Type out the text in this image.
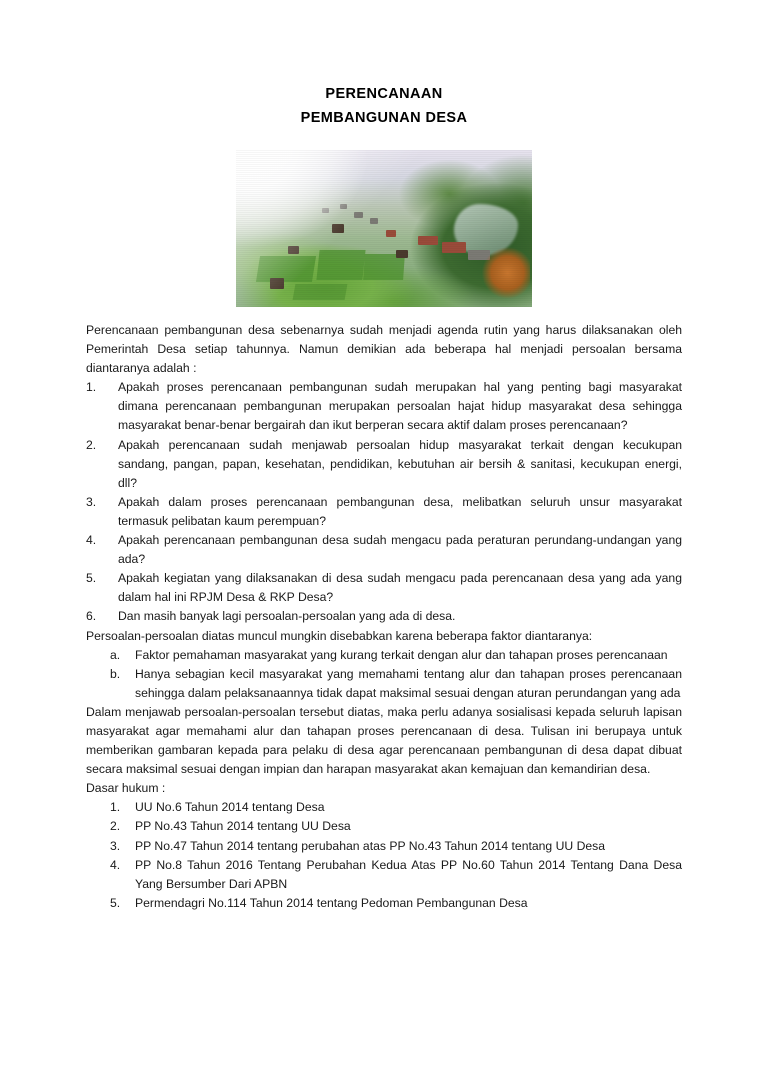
PERENCANAAN
PEMBANGUNAN DESA

Perencanaan pembangunan desa sebenarnya sudah menjadi agenda rutin yang harus dilaksanakan oleh Pemerintah Desa setiap tahunnya. Namun demikian ada beberapa hal menjadi persoalan bersama diantaranya adalah :

1.	Apakah proses perencanaan pembangunan sudah merupakan hal yang penting bagi masyarakat dimana perencanaan pembangunan merupakan persoalan hajat hidup masyarakat desa sehingga masyarakat benar-benar bergairah dan ikut berperan secara aktif dalam proses perencanaan?
2.	Apakah perencanaan sudah menjawab persoalan hidup masyarakat terkait dengan kecukupan sandang, pangan, papan, kesehatan, pendidikan, kebutuhan air bersih & sanitasi, kecukupan energi, dll?
3.	Apakah dalam proses perencanaan pembangunan desa, melibatkan seluruh unsur masyarakat termasuk pelibatan kaum perempuan?
4.	Apakah perencanaan pembangunan desa sudah mengacu pada peraturan perundang-undangan yang ada?
5.	Apakah kegiatan yang dilaksanakan di desa sudah mengacu pada perencanaan desa yang ada yang dalam hal ini RPJM Desa & RKP Desa?
6.	Dan masih banyak lagi persoalan-persoalan yang ada di desa.

Persoalan-persoalan diatas muncul mungkin disebabkan karena beberapa faktor diantaranya:

a.	Faktor pemahaman masyarakat yang kurang terkait dengan alur dan tahapan proses perencanaan
b.	Hanya sebagian kecil masyarakat yang memahami tentang alur dan tahapan proses perencanaan sehingga dalam pelaksanaannya tidak dapat maksimal sesuai dengan aturan perundangan yang ada

Dalam menjawab persoalan-persoalan tersebut diatas, maka perlu adanya sosialisasi kepada seluruh lapisan masyarakat agar memahami alur dan tahapan proses perencanaan di desa. Tulisan ini berupaya untuk memberikan gambaran kepada para pelaku di desa agar perencanaan pembangunan di desa dapat dibuat secara maksimal sesuai dengan impian dan harapan masyarakat akan kemajuan dan kemandirian desa.

Dasar hukum :

1.	UU No.6 Tahun 2014 tentang Desa
2.	PP No.43 Tahun 2014 tentang UU Desa
3.	PP No.47 Tahun 2014 tentang perubahan atas PP No.43 Tahun 2014 tentang UU Desa
4.	PP No.8 Tahun 2016 Tentang Perubahan Kedua Atas PP No.60 Tahun 2014 Tentang Dana Desa Yang Bersumber Dari APBN
5.	Permendagri No.114 Tahun 2014 tentang Pedoman Pembangunan Desa
